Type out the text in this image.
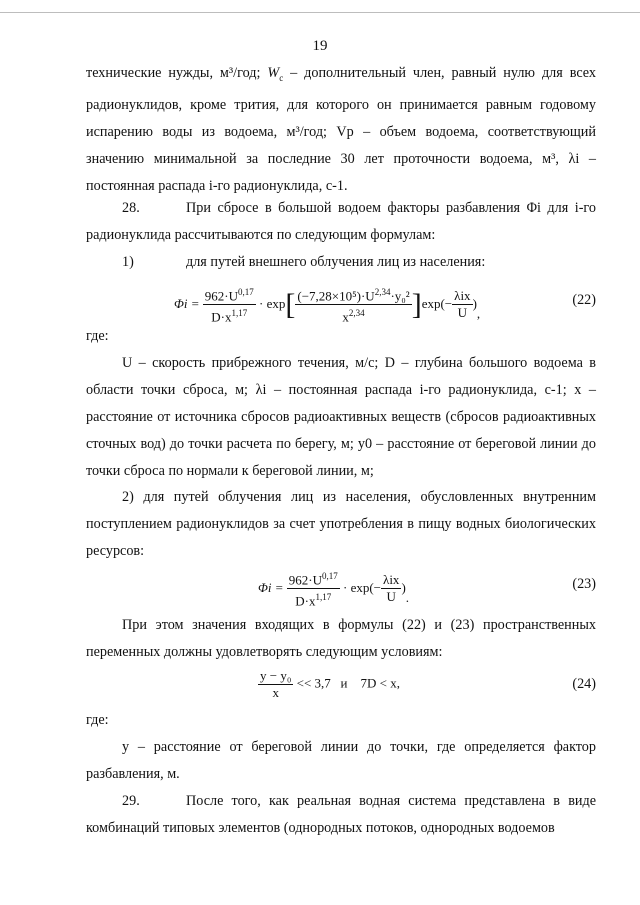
19

технические нужды, м³/год; $W_с$ – дополнительный член, равный нулю для всех радионуклидов, кроме трития, для которого он принимается равным годовому испарению воды из водоема, м³/год; Vр – объем водоема, соответствующий значению минимальной за последние 30 лет проточности водоема, м³, λi – постоянная распада i-го радионуклида, с-1.

28.	При сбросе в большой водоем факторы разбавления Φi для i-го радионуклида рассчитываются по следующим формулам:

1)	для путей внешнего облучения лиц из населения:

$\Phi i = \frac{962\cdot U^{0,17}}{D\cdot x^{1,17}} \cdot \exp[ \frac{(-7,28\times 10^5)\cdot U^{2,34}\cdot y_0^2}{x^{2,34}} ]\exp(- \frac{\text{λix}}{U}$ ),
(22)

где:

U – скорость прибрежного течения, м/с; D – глубина большого водоема в области точки сброса, м; λi – постоянная распада i-го радионуклида, с-1; x – расстояние от источника сбросов радиоактивных веществ (сбросов радиоактивных сточных вод) до точки расчета по берегу, м; y0 – расстояние от береговой линии до точки сброса по нормали к береговой линии, м;

2) для путей облучения лиц из населения, обусловленных внутренним поступлением радионуклидов за счет употребления в пищу водных биологических ресурсов:

$\Phi i = \frac{962\cdot U^{0,17}}{D\cdot x^{1,17}} \cdot \exp(- \frac{\text{λix}}{U}$ ).
(23)

При этом значения входящих в формулы (22) и (23) пространственных переменных должны удовлетворять следующим условиям:

$\frac{\text{y − y₀}}{x} << 3,7$   и    7D < x,	(24)

где:

у – расстояние от береговой линии до точки, где определяется фактор разбавления, м.

29.	После того, как реальная водная система представлена в виде комбинаций типовых элементов (однородных потоков, однородных водоемов
